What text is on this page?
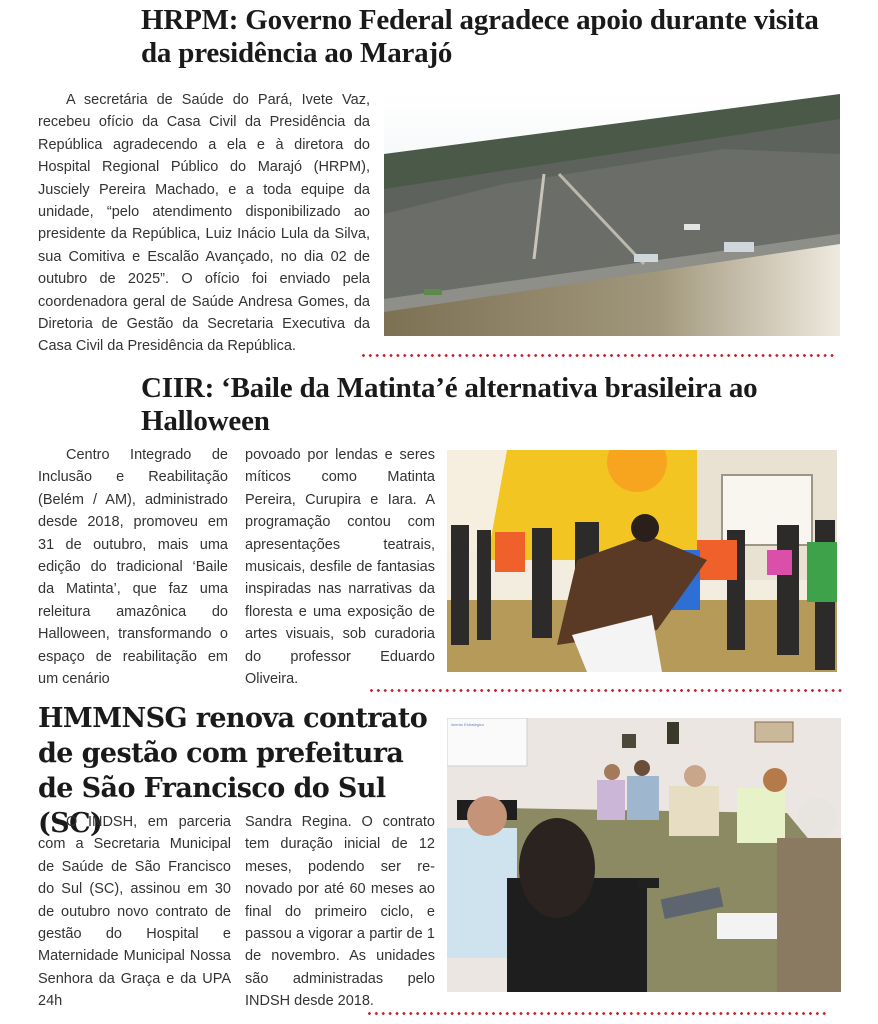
HRPM: Governo Federal agradece apoio durante visita da presidência ao Marajó

A secretária de Saúde do Pará, Ivete Vaz, recebeu ofício da Casa Civil da Presidência da República agradecendo a ela e à diretora do Hospital Regional Público do Marajó (HRPM), Jusciely Pereira Machado, e a toda equipe da unidade, “pelo atendimento disponibilizado ao presidente da República, Luiz Inácio Lula da Silva, sua Comitiva e Escalão Avançado, no dia 02 de outubro de 2025”. O ofício foi enviado pela coordenadora geral de Saúde Andresa Gomes, da Diretoria de Gestão da Secretaria Executiva da Casa Civil da Presidência da República.

CIIR: ‘Baile da Matinta’é alternativa brasileira ao Halloween

Centro Integrado de Inclusão e Reabilitação (Belém / AM), administrado desde 2018, promoveu em 31 de outubro, mais uma edição do tradicional ‘Baile da Matinta’, que faz uma releitura amazônica do Halloween, transformando o espaço de reabilitação em um cenário

povoado por lendas e seres míticos como Matinta Pereira, Curupira e Iara. A programação contou com apresentações teatrais, musicais, desfile de fantasias inspiradas nas narrativas da floresta e uma exposição de artes visuais, sob curadoria do professor Eduardo Oliveira.

HMMNSG renova contrato de gestão com prefeitura de São Francisco do Sul (SC)

O INDSH, em parceria com a Secretaria Municipal de Saúde de São Francisco do Sul (SC), assinou em 30 de outubro novo contrato de gestão do Hospital e Maternidade Municipal Nossa Senhora da Graça e da UPA 24h

Sandra Regina. O contrato tem duração inicial de 12 meses, podendo ser renovado por até 60 meses ao final do primeiro ciclo, e passou a vigorar a partir de 1 de novembro. As unidades são administradas pelo INDSH desde 2018.

imento Estratégico
